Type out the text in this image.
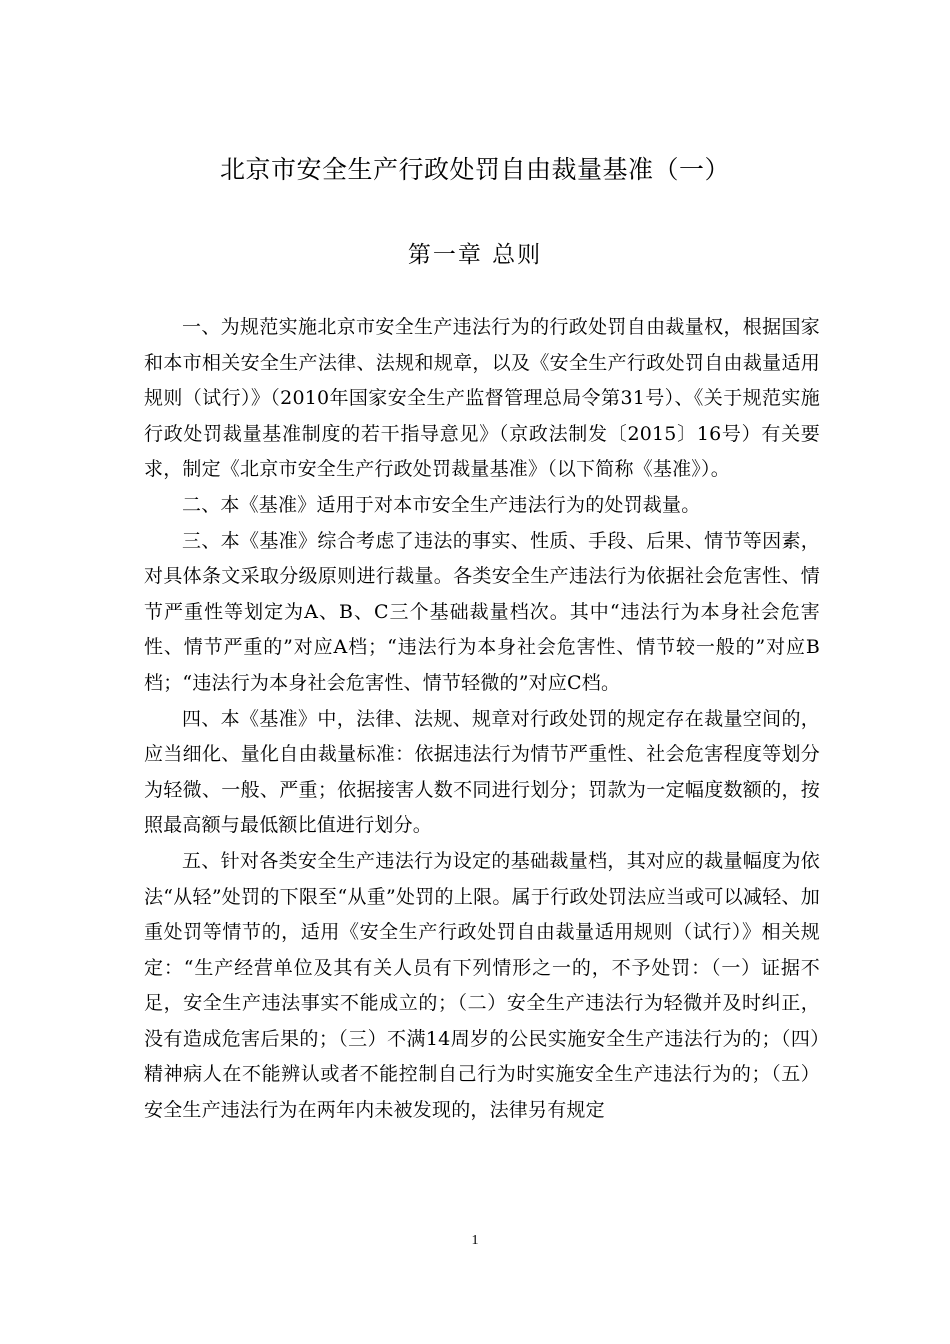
北京市安全生产行政处罚自由裁量基准（一）
第一章 总则

一、为规范实施北京市安全生产违法行为的行政处罚自由裁量权，根据国家和本市相关安全生产法律、法规和规章，以及《安全生产行政处罚自由裁量适用规则（试行）》（2010年国家安全生产监督管理总局令第31号）、《关于规范实施行政处罚裁量基准制度的若干指导意见》（京政法制发〔2015〕16号）有关要求，制定《北京市安全生产行政处罚裁量基准》（以下简称《基准》）。

二、本《基准》适用于对本市安全生产违法行为的处罚裁量。

三、本《基准》综合考虑了违法的事实、性质、手段、后果、情节等因素，对具体条文采取分级原则进行裁量。各类安全生产违法行为依据社会危害性、情节严重性等划定为A、B、C三个基础裁量档次。其中“违法行为本身社会危害性、情节严重的”对应A档；“违法行为本身社会危害性、情节较一般的”对应B档；“违法行为本身社会危害性、情节轻微的”对应C档。

四、本《基准》中，法律、法规、规章对行政处罚的规定存在裁量空间的，应当细化、量化自由裁量标准：依据违法行为情节严重性、社会危害程度等划分为轻微、一般、严重；依据接害人数不同进行划分；罚款为一定幅度数额的，按照最高额与最低额比值进行划分。

五、针对各类安全生产违法行为设定的基础裁量档，其对应的裁量幅度为依法“从轻”处罚的下限至“从重”处罚的上限。属于行政处罚法应当或可以减轻、加重处罚等情节的，适用《安全生产行政处罚自由裁量适用规则（试行）》相关规定：“生产经营单位及其有关人员有下列情形之一的，不予处罚：（一）证据不足，安全生产违法事实不能成立的；（二）安全生产违法行为轻微并及时纠正，没有造成危害后果的；（三）不满14周岁的公民实施安全生产违法行为的；（四）精神病人在不能辨认或者不能控制自己行为时实施安全生产违法行为的；（五）安全生产违法行为在两年内未被发现的，法律另有规定

1
